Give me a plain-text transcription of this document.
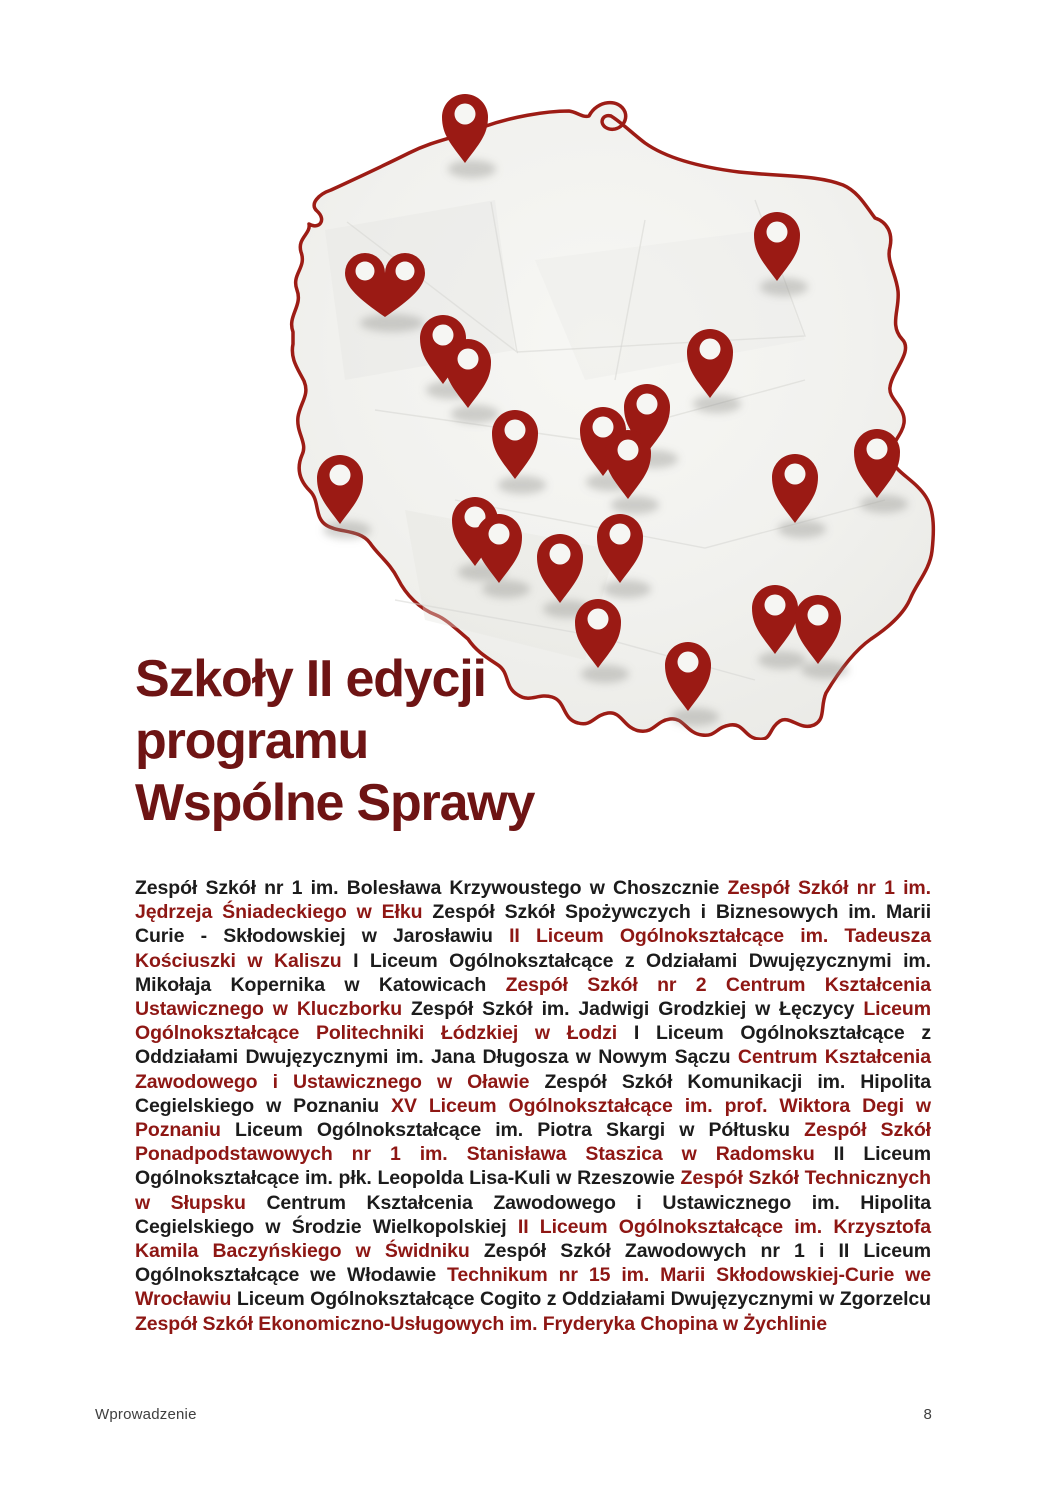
Szkoły II edycji
programu
Wspólne Sprawy

Zespół Szkół nr 1 im. Bolesława Krzywoustego w Choszcznie Zespół Szkół nr 1 im. Jędrzeja Śniadeckiego w Ełku Zespół Szkół Spożywczych i Biznesowych im. Marii Curie - Skłodowskiej w Jarosławiu II Liceum Ogólnokształcące im. Tadeusza Kościuszki w Kaliszu I Liceum Ogólnokształcące z Odziałami Dwujęzycznymi im. Mikołaja Kopernika w Katowicach Zespół Szkół nr 2 Centrum Kształcenia Ustawicznego w Kluczborku Zespół Szkół im. Jadwigi Grodzkiej w Łęczycy Liceum Ogólnokształcące Politechniki Łódzkiej w Łodzi I Liceum Ogólnokształcące z Oddziałami Dwujęzycznymi im. Jana Długosza w Nowym Sączu Centrum Kształcenia Zawodowego i Ustawicznego w Oławie Zespół Szkół Komunikacji im. Hipolita Cegielskiego w Poznaniu XV Liceum Ogólnokształcące im. prof. Wiktora Degi w Poznaniu Liceum Ogólnokształcące im. Piotra Skargi w Półtusku Zespół Szkół Ponadpodstawowych nr 1 im. Stanisława Staszica w Radomsku II Liceum Ogólnokształcące im. płk. Leopolda Lisa-Kuli w Rzeszowie Zespół Szkół Technicznych w Słupsku Centrum Kształcenia Zawodowego i Ustawicznego im. Hipolita Cegielskiego w Środzie Wielkopolskiej II Liceum Ogólnokształcące im. Krzysztofa Kamila Baczyńskiego w Świdniku Zespół Szkół Zawodowych nr 1 i II Liceum Ogólnokształcące we Włodawie Technikum nr 15 im. Marii Skłodowskiej-Curie we Wrocławiu Liceum Ogólnokształcące Cogito z Oddziałami Dwujęzycznymi w Zgorzelcu Zespół Szkół Ekonomiczno-Usługowych im. Fryderyka Chopina w Żychlinie

Wprowadzenie	8
